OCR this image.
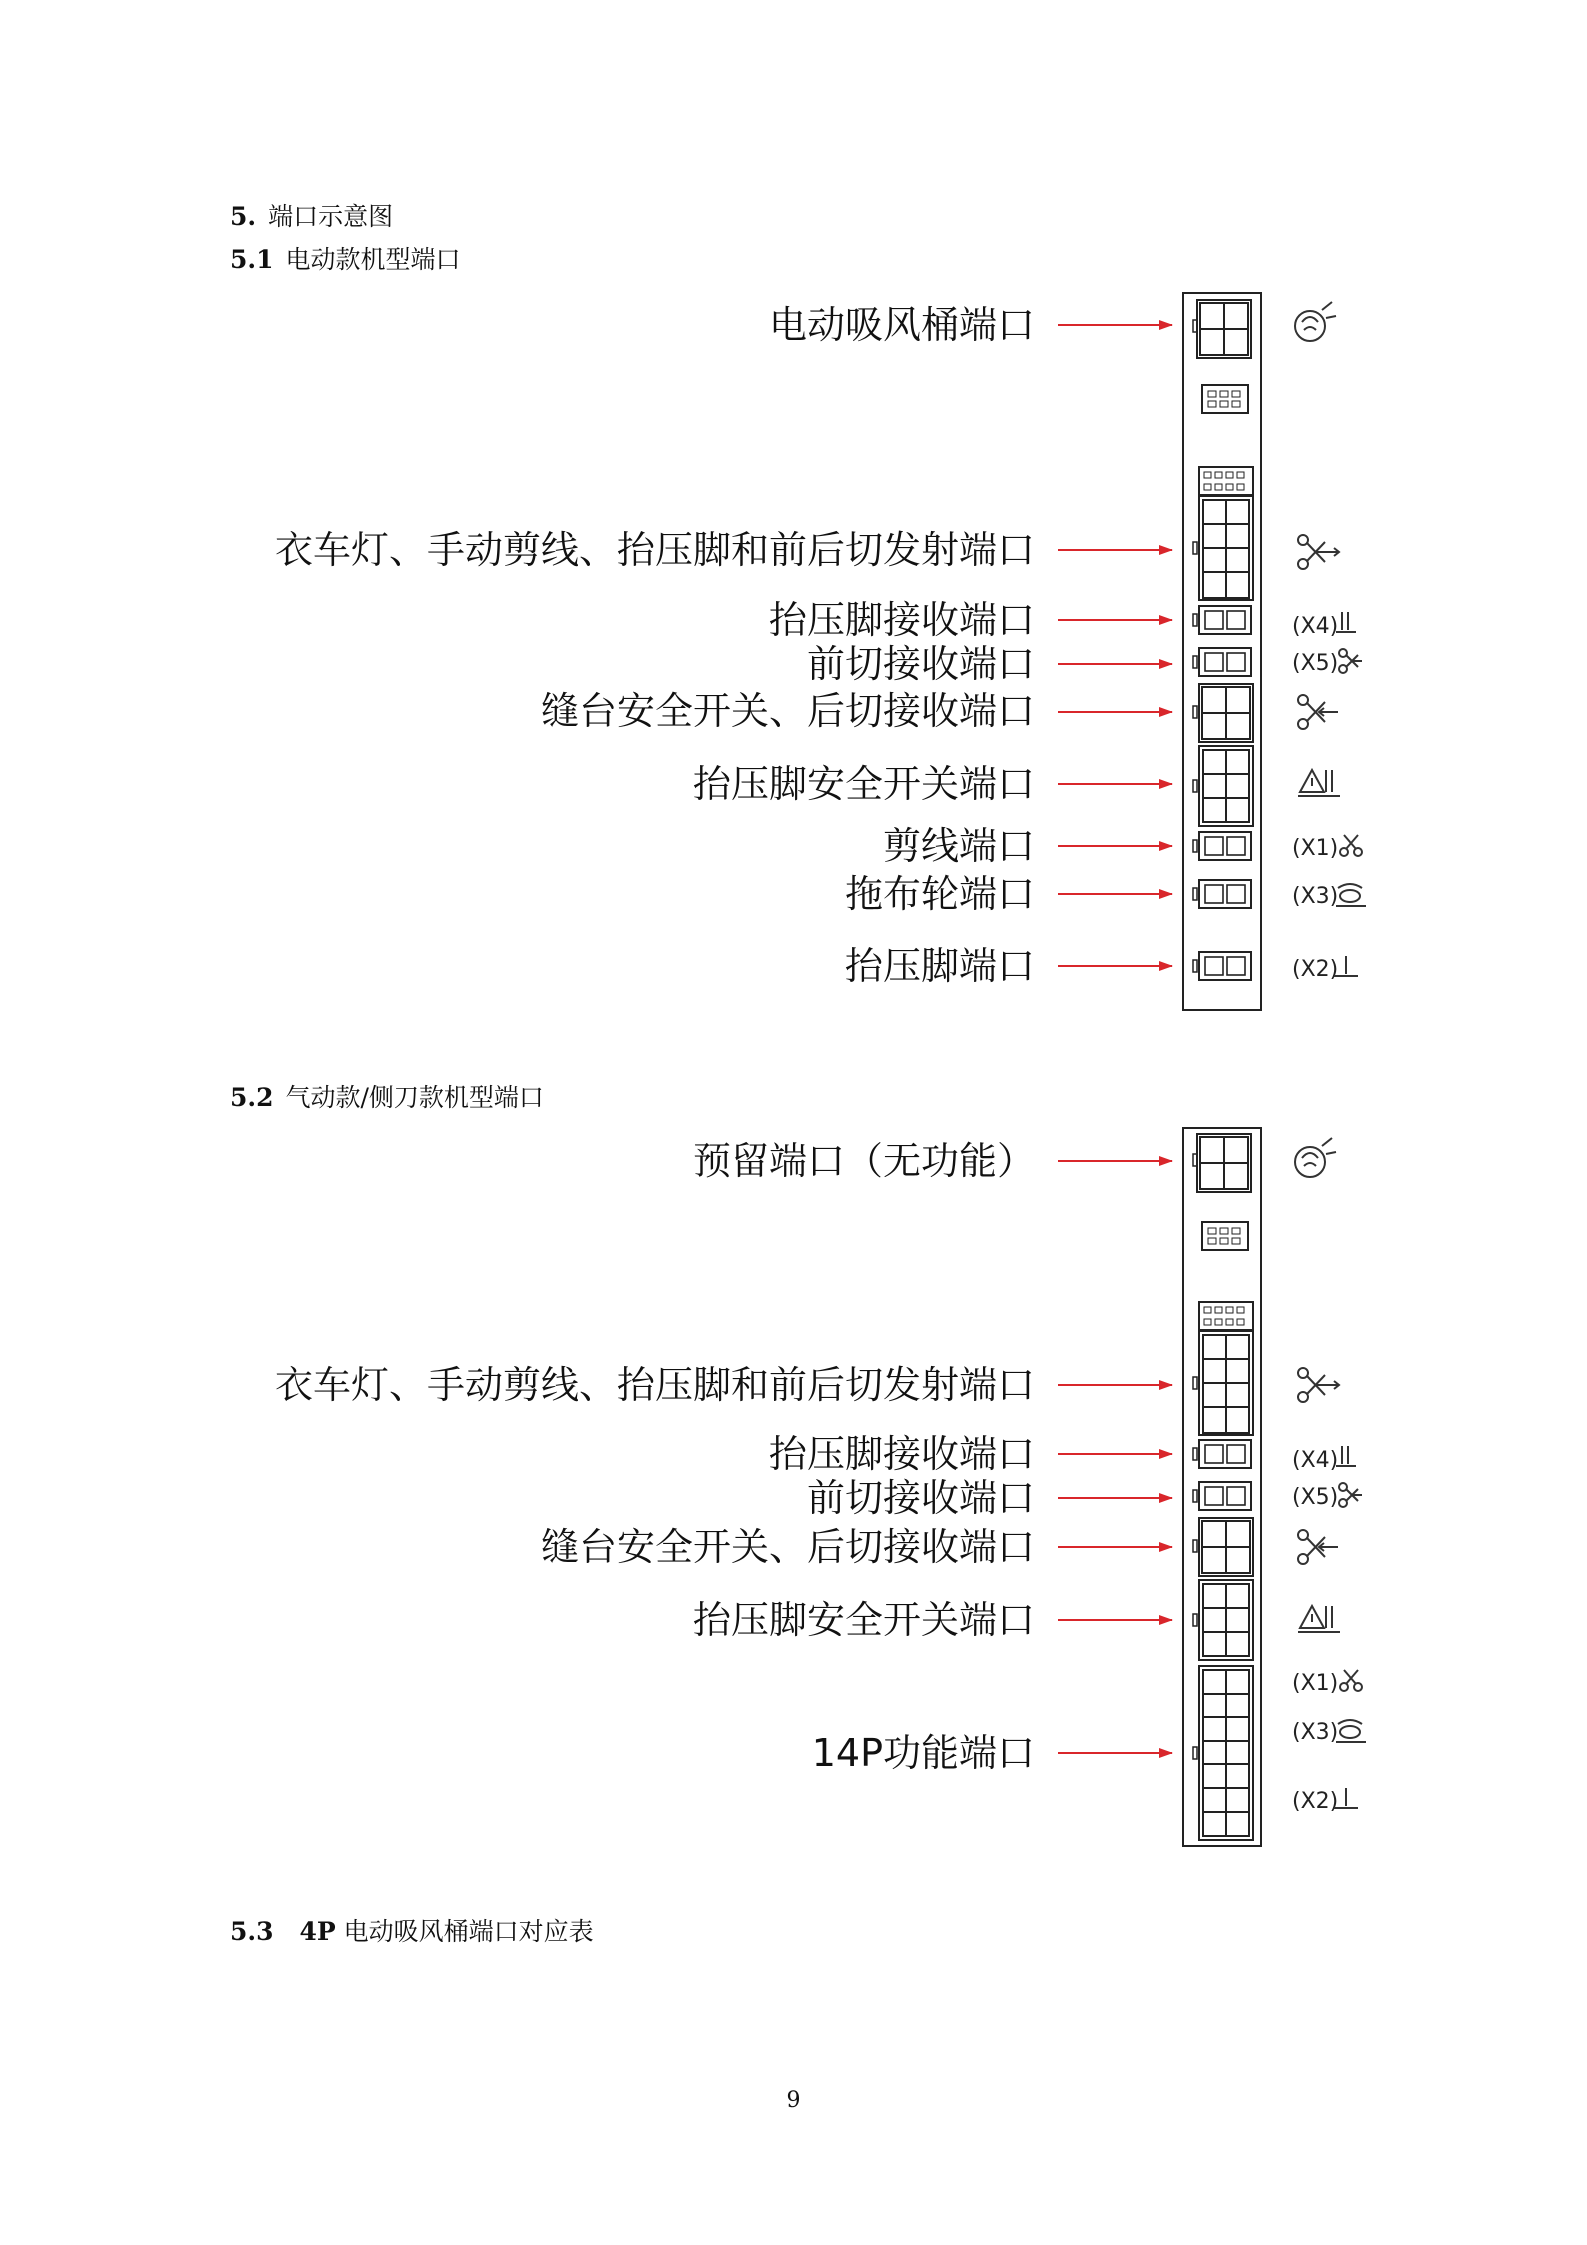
5. 端口示意图
5.1 电动款机型端口
5.2 气动款/侧刀款机型端口
5.3 4P 电动吸风桶端口对应表
电动吸风桶端口
衣车灯、手动剪线、抬压脚和前后切发射端口
抬压脚接收端口
前切接收端口
缝台安全开关、后切接收端口
抬压脚安全开关端口
剪线端口
拖布轮端口
抬压脚端口
(X4)
(X5)
(X1)
(X3)
(X2)
预留端口（无功能）
衣车灯、手动剪线、抬压脚和前后切发射端口
抬压脚接收端口
前切接收端口
缝台安全开关、后切接收端口
抬压脚安全开关端口
14P功能端口
(X4)
(X5)
(X1)
(X3)
(X2)
9
